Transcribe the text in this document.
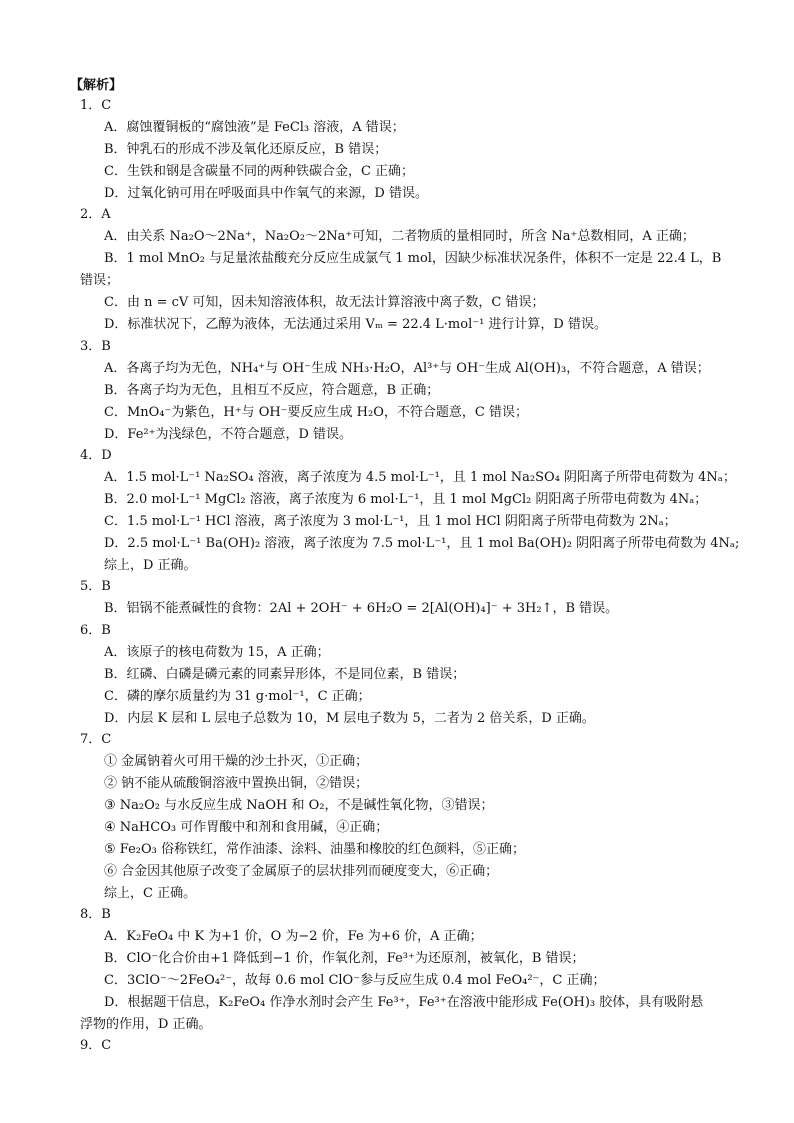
【解析】
1．C
A．腐蚀覆铜板的“腐蚀液”是 FeCl₃ 溶液，A 错误；
B．钟乳石的形成不涉及氧化还原反应，B 错误；
C．生铁和钢是含碳量不同的两种铁碳合金，C 正确；
D．过氧化钠可用在呼吸面具中作氧气的来源，D 错误。
2．A
A．由关系 Na₂O～2Na⁺，Na₂O₂～2Na⁺可知，二者物质的量相同时，所含 Na⁺总数相同，A 正确；
B．1 mol MnO₂ 与足量浓盐酸充分反应生成氯气 1 mol，因缺少标准状况条件，体积不一定是 22.4 L，B
错误；
C．由 n = cV 可知，因未知溶液体积，故无法计算溶液中离子数，C 错误；
D．标准状况下，乙醇为液体，无法通过采用 Vₘ = 22.4 L·mol⁻¹ 进行计算，D 错误。
3．B
A．各离子均为无色，NH₄⁺与 OH⁻生成 NH₃·H₂O，Al³⁺与 OH⁻生成 Al(OH)₃，不符合题意，A 错误；
B．各离子均为无色，且相互不反应，符合题意，B 正确；
C．MnO₄⁻为紫色，H⁺与 OH⁻要反应生成 H₂O，不符合题意，C 错误；
D．Fe²⁺为浅绿色，不符合题意，D 错误。
4．D
A．1.5 mol·L⁻¹ Na₂SO₄ 溶液，离子浓度为 4.5 mol·L⁻¹，且 1 mol Na₂SO₄ 阴阳离子所带电荷数为 4Nₐ；
B．2.0 mol·L⁻¹ MgCl₂ 溶液，离子浓度为 6 mol·L⁻¹，且 1 mol MgCl₂ 阴阳离子所带电荷数为 4Nₐ；
C．1.5 mol·L⁻¹ HCl 溶液，离子浓度为 3 mol·L⁻¹，且 1 mol HCl 阴阳离子所带电荷数为 2Nₐ；
D．2.5 mol·L⁻¹ Ba(OH)₂ 溶液，离子浓度为 7.5 mol·L⁻¹，且 1 mol Ba(OH)₂ 阴阳离子所带电荷数为 4Nₐ;
综上，D 正确。
5．B
B．铝锅不能煮碱性的食物：2Al + 2OH⁻ + 6H₂O = 2[Al(OH)₄]⁻ + 3H₂↑，B 错误。
6．B
A．该原子的核电荷数为 15，A 正确；
B．红磷、白磷是磷元素的同素异形体，不是同位素，B 错误；
C．磷的摩尔质量约为 31 g·mol⁻¹，C 正确；
D．内层 K 层和 L 层电子总数为 10，M 层电子数为 5，二者为 2 倍关系，D 正确。
7．C
① 金属钠着火可用干燥的沙土扑灭，①正确；
② 钠不能从硫酸铜溶液中置换出铜，②错误；
③ Na₂O₂ 与水反应生成 NaOH 和 O₂，不是碱性氧化物，③错误；
④ NaHCO₃ 可作胃酸中和剂和食用碱，④正确；
⑤ Fe₂O₃ 俗称铁红，常作油漆、涂料、油墨和橡胶的红色颜料，⑤正确；
⑥ 合金因其他原子改变了金属原子的层状排列而硬度变大，⑥正确；
综上，C 正确。
8．B
A．K₂FeO₄ 中 K 为+1 价，O 为−2 价，Fe 为+6 价，A 正确；
B．ClO⁻化合价由+1 降低到−1 价，作氧化剂，Fe³⁺为还原剂，被氧化，B 错误；
C．3ClO⁻～2FeO₄²⁻，故每 0.6 mol ClO⁻参与反应生成 0.4 mol FeO₄²⁻，C 正确；
D．根据题干信息，K₂FeO₄ 作净水剂时会产生 Fe³⁺，Fe³⁺在溶液中能形成 Fe(OH)₃ 胶体，具有吸附悬
浮物的作用，D 正确。
9．C
